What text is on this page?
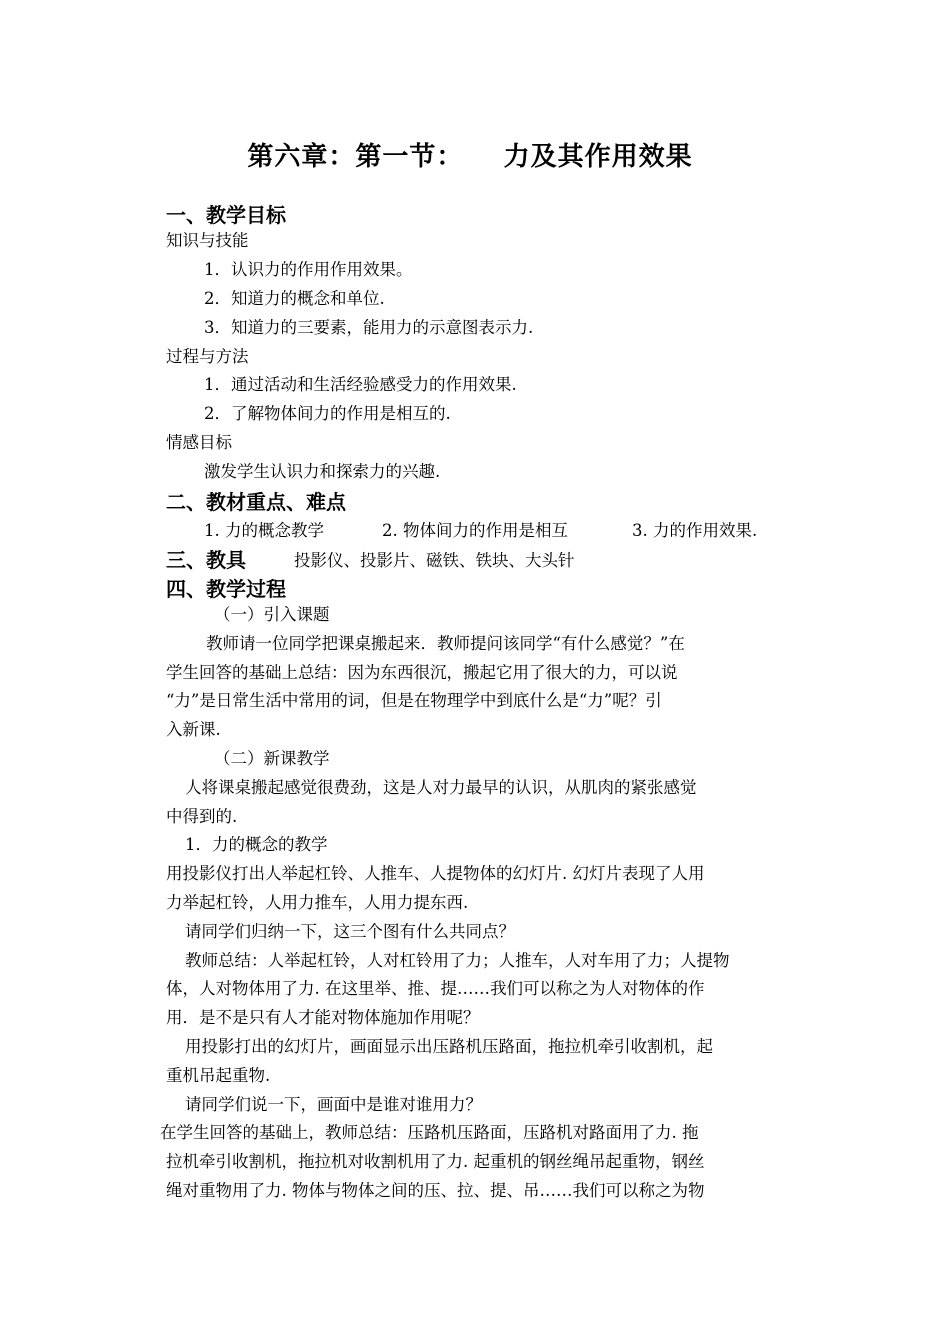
第六章：第一节：    力及其作用效果
一、教学目标
知识与技能
1．认识力的作用作用效果。
2．知道力的概念和单位.
3．知道力的三要素，能用力的示意图表示力.
过程与方法
1．通过活动和生活经验感受力的作用效果.
2．了解物体间力的作用是相互的.
情感目标
激发学生认识力和探索力的兴趣.
二、教材重点、难点
1. 力的概念教学	2. 物体间力的作用是相互	3. 力的作用效果.
三、教具	投影仪、投影片、磁铁、铁块、大头针
四、教学过程
（一）引入课题
教师请一位同学把课桌搬起来．教师提问该同学“有什么感觉？”在
学生回答的基础上总结：因为东西很沉，搬起它用了很大的力，可以说
“力”是日常生活中常用的词，但是在物理学中到底什么是“力”呢？引
入新课.
（二）新课教学
人将课桌搬起感觉很费劲，这是人对力最早的认识，从肌肉的紧张感觉
中得到的.
1．力的概念的教学
用投影仪打出人举起杠铃、人推车、人提物体的幻灯片. 幻灯片表现了人用
力举起杠铃，人用力推车，人用力提东西.
请同学们归纳一下，这三个图有什么共同点？
教师总结：人举起杠铃，人对杠铃用了力；人推车，人对车用了力；人提物
体，人对物体用了力. 在这里举、推、提……我们可以称之为人对物体的作
用．是不是只有人才能对物体施加作用呢？
用投影打出的幻灯片，画面显示出压路机压路面，拖拉机牵引收割机，起
重机吊起重物.
请同学们说一下，画面中是谁对谁用力？
在学生回答的基础上，教师总结：压路机压路面，压路机对路面用了力. 拖
拉机牵引收割机，拖拉机对收割机用了力. 起重机的钢丝绳吊起重物，钢丝
绳对重物用了力. 物体与物体之间的压、拉、提、吊……我们可以称之为物
